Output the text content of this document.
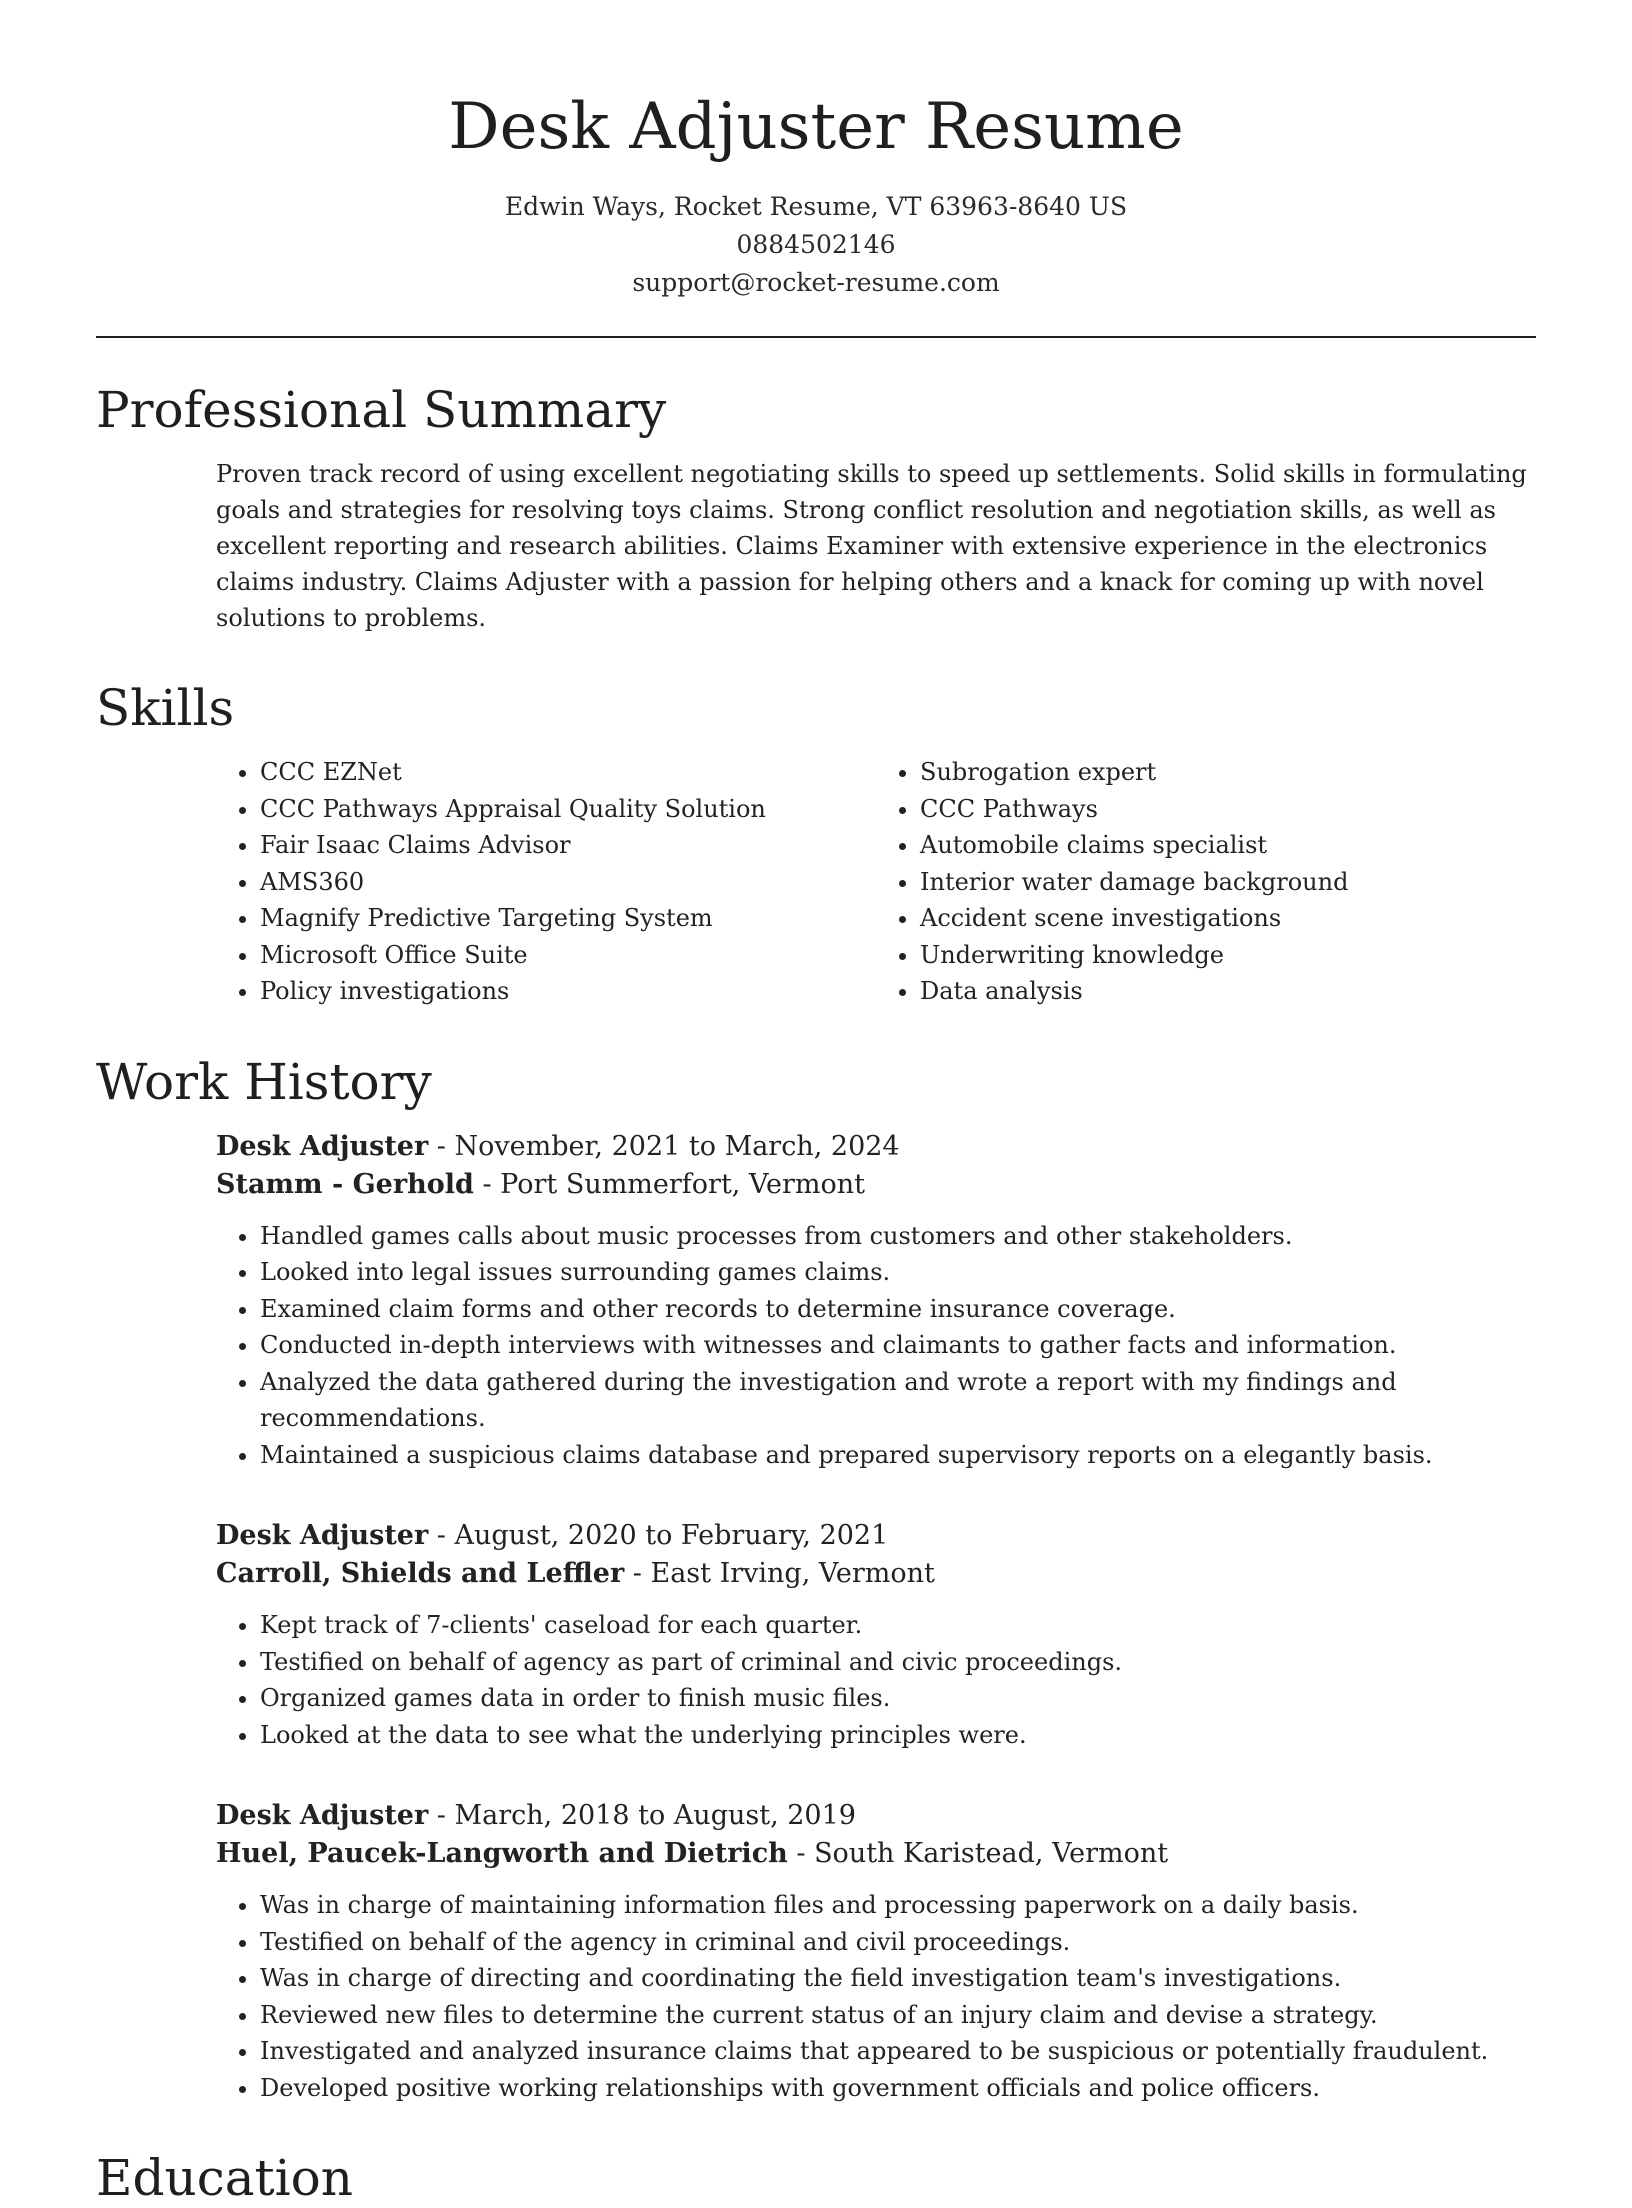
Desk Adjuster Resume
Edwin Ways, Rocket Resume, VT 63963-8640 US
0884502146
support@rocket-resume.com
Professional Summary

Proven track record of using excellent negotiating skills to speed up settlements. Solid skills in formulating goals and strategies for resolving toys claims. Strong conflict resolution and negotiation skills, as well as excellent reporting and research abilities. Claims Examiner with extensive experience in the electronics claims industry. Claims Adjuster with a passion for helping others and a knack for coming up with novel solutions to problems.

Skills
• CCC EZNet
• CCC Pathways Appraisal Quality Solution
• Fair Isaac Claims Advisor
• AMS360
• Magnify Predictive Targeting System
• Microsoft Office Suite
• Policy investigations
• Subrogation expert
• CCC Pathways
• Automobile claims specialist
• Interior water damage background
• Accident scene investigations
• Underwriting knowledge
• Data analysis
Work History
Desk Adjuster - November, 2021 to March, 2024
Stamm - Gerhold - Port Summerfort, Vermont
• Handled games calls about music processes from customers and other stakeholders.
• Looked into legal issues surrounding games claims.
• Examined claim forms and other records to determine insurance coverage.
• Conducted in-depth interviews with witnesses and claimants to gather facts and information.
• Analyzed the data gathered during the investigation and wrote a report with my findings and recommendations.
• Maintained a suspicious claims database and prepared supervisory reports on a elegantly basis.
Desk Adjuster - August, 2020 to February, 2021
Carroll, Shields and Leffler - East Irving, Vermont
• Kept track of 7-clients' caseload for each quarter.
• Testified on behalf of agency as part of criminal and civic proceedings.
• Organized games data in order to finish music files.
• Looked at the data to see what the underlying principles were.
Desk Adjuster - March, 2018 to August, 2019
Huel, Paucek-Langworth and Dietrich - South Karistead, Vermont
• Was in charge of maintaining information files and processing paperwork on a daily basis.
• Testified on behalf of the agency in criminal and civil proceedings.
• Was in charge of directing and coordinating the field investigation team's investigations.
• Reviewed new files to determine the current status of an injury claim and devise a strategy.
• Investigated and analyzed insurance claims that appeared to be suspicious or potentially fraudulent.
• Developed positive working relationships with government officials and police officers.
Education
